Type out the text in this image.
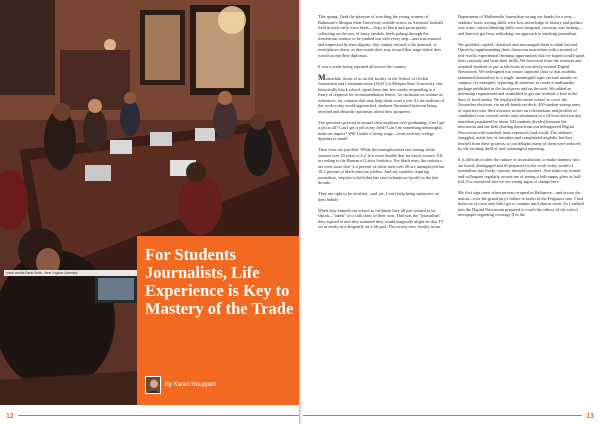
photo credits:David Smith, West Virginia University
For Students Journalists, Life Experience is Key to Mastery of the Trade
By Karen Houppert
12

This spring, I had the pleasure of watching the young women of Baltimore's Morgan State University wobble across an Astroturf football field in their early worn heels—clops of black and green plastic collecting on the toes of fancy sandals, heels poking through the treacherous surface to be yanked out with every step—and was amused and impressed by their dignity; they simply refused to be deterred, or even glance down, as they made their way toward that stage where they would accept their diplomas.

It was a scene being repeated all across the country.

Meanwhile, those of us on the faculty of the School of Global Journalism and Communication (SGJC) at Morgan State University, this historically black school, spent those last few weeks responding to a flurry of requests for recommendation letters, for inclusion on resume as references, for contacts that may help them score a job. As the realities of the work-a-day world approached, students fluctuated between being terrified and absurdly optimistic about their prospects.

The questions pressed in around their euphoria over graduating: Can I get a job at all? Can I get a job in my field? Can I do something meaningful, make an impact? Will I make a living wage—even with my college diploma in hand?

Their fears are justified. While the unemployment rate among white women over 20 today is 4.2, it is more double that for black women, 8.8, according to the Bureau of Labor Statistics. For black men, the statistics are even more dire: 4.2 percent of white men over 20 are unemployed but 10.2 percent of black men are jobless. And my students, aspiring journalists, step into a field that has seen calamitous layoffs in the last decade.

They are right to be terrified—and yet, I can't help being optimistic on their behalf.

When they entered our school as freshmen they all just wanted to be Oprah—"talent" on a talk show of their own. That was the "journalism" they aspired to and they assumed they would magically alight on that TV set as easily as a dragonfly on a lily pad. The mostly-new faculty in our

Department of Multimedia Journalism wrung our hands for a year—students' basic writing skills were low, knowledge of history and politics was scant, critical thinking skills were marginal, curiosity was lacking—and then we got busy rethinking our approach to teaching journalism.

We prodded, cajoled, chastised and encouraged them to think beyond Oprah by supplementing their classroom instruction with a myriad of real-world, experiential learning opportunities that we hoped would spark their curiosity and hone their skills. We borrowed from the sciences and required students to put in lab hours in our newly-created Digital Newsroom. We redesigned our senior capstone class so that students immersed themselves in a single, meaningful topic (sexual assault on campus, for example), reporting all semester to create a multimedia package published in the local press and on the web. We added an internship requirement and scrambled to get our students a foot in the door of local media. We deployed the entire school to cover the November elections via an all-hands-on-deck, 400-student-strong army of reporters who filed advance stories on referendums and profiles of candidates over several weeks and culminated in a 24-hour election day marathon populated by about 100 students divided between the newsroom and the field (fueling them from our beleaguered Digital Newsroom with standard-issue reporterly junk food). The students struggled, made lots of mistakes and complained mightily but they learned from these projects; to our delight, many of them were seduced by the exciting thrill of real, meaningful reporting.

It is difficult to alter the culture of an institution, to make students who are bored, disengaged and ill-prepared for the work-a-day world of journalism into lively, curious, intrepid reporters. And while my friends and colleagues regularly accuse me of seeing a half-empty glass as half-full, I'm convinced that we are seeing signs of change here.

My first sign came when protests erupted in Baltimore—and across the nation—over the grand jury's failure to indict in the Ferguson case. I had been out of town and didn't get to campus until almost noon. As I walked into the Digital Newsroom prepared to coach the editors of the school newspaper regarding coverage (I'm the

13
